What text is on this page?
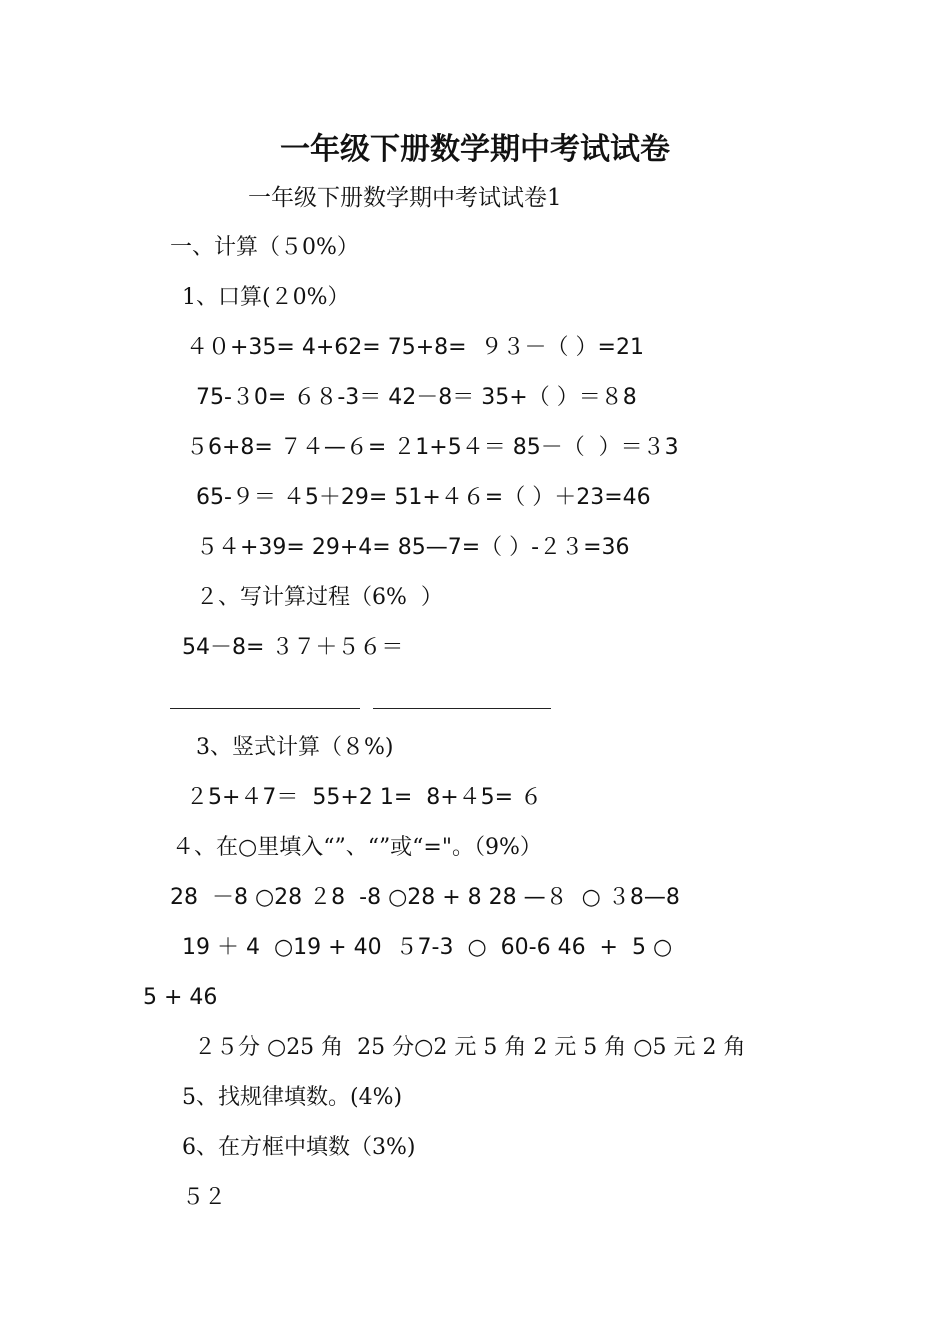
一年级下册数学期中考试试卷
一年级下册数学期中考试试卷1
一、计算（５0%）
1、口算(２0%）
４０+35= 4+62= 75+8=  ９３－（ ）=21
75-３0= ６８-3＝ 42－8＝ 35+（ ）＝８8
５6+8= ７４—６= ２1+5４＝ 85－（  ）＝３3
65-９＝ ４5＋29= 51+４６=（ ）＋23=46
５４+39= 29+4= 85—7=（ ）-２３=36
２、写计算过程（6%  ）
54－8= ３７＋５６＝
3、竖式计算（８%)
２5+４7＝  55+2 1=  8+４5= ６
４、在○里填入“”、“”或“="。（9%）
28  －8 ○28 ２8  -8 ○28 + 8 28 —８  ○ ３8—8
19 ＋ 4  ○19 + 40  ５7-3  ○  60-6 46  +  5 ○
5 + 46
２５分 ○25 角  25 分○2 元 5 角 2 元 5 角 ○5 元 2 角
5、找规律填数。(4%)
6、在方框中填数（3%)
５２
